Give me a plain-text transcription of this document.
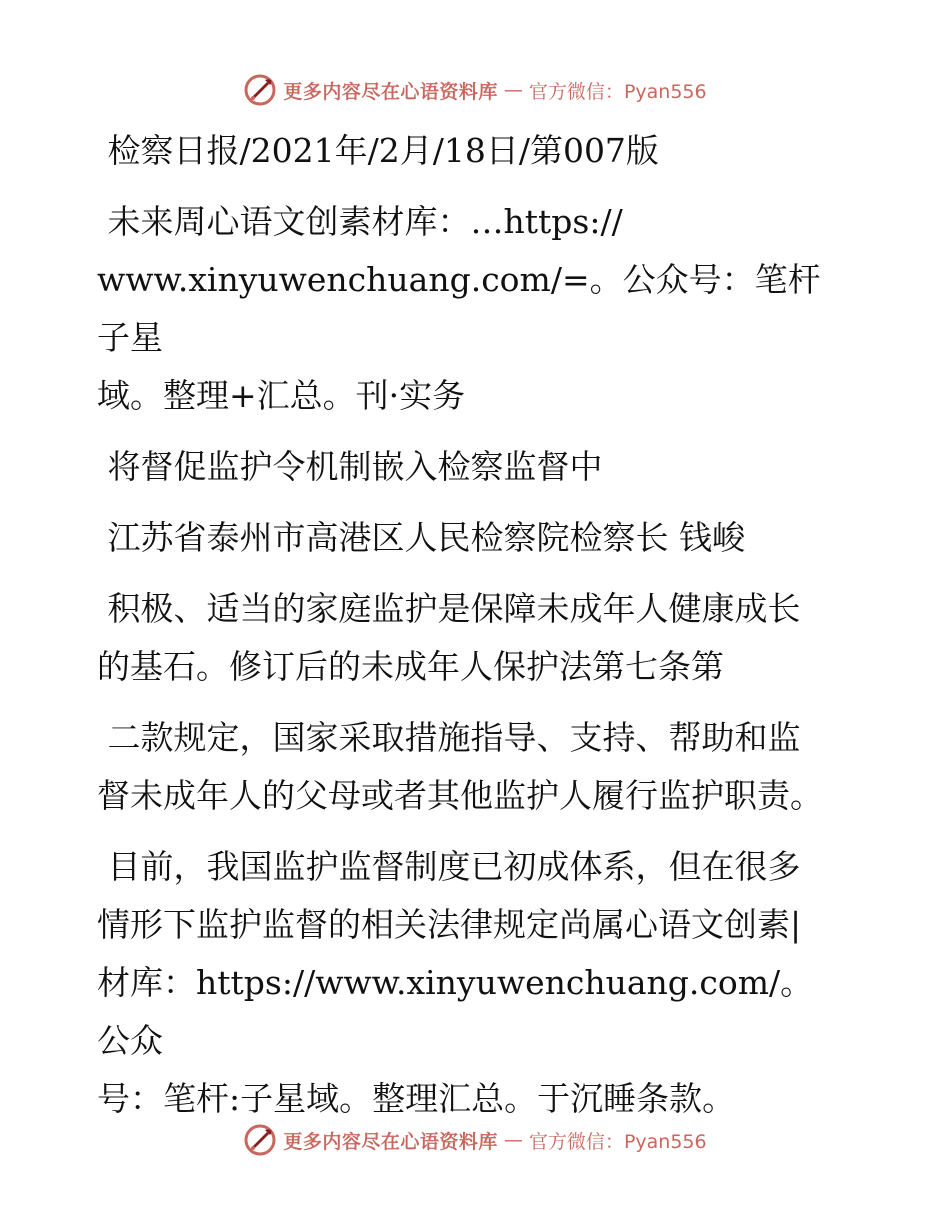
更多内容尽在心语资料库 — 官方微信：Pyan556

检察日报/2021年/2月/18日/第007版

未来周心语文创素材库：…https://
www.xinyuwenchuang.com/=。公众号：笔杆子星
域。整理+汇总。刊·实务

将督促监护令机制嵌入检察监督中

江苏省泰州市高港区人民检察院检察长 钱峻

积极、适当的家庭监护是保障未成年人健康成长
的基石。修订后的未成年人保护法第七条第

二款规定，国家采取措施指导、支持、帮助和监
督未成年人的父母或者其他监护人履行监护职责。

目前，我国监护监督制度已初成体系，但在很多
情形下监护监督的相关法律规定尚属心语文创素|
材库：https://www.xinyuwenchuang.com/。公众
号：笔杆:子星域。整理汇总。于沉睡条款。

更多内容尽在心语资料库 — 官方微信：Pyan556
